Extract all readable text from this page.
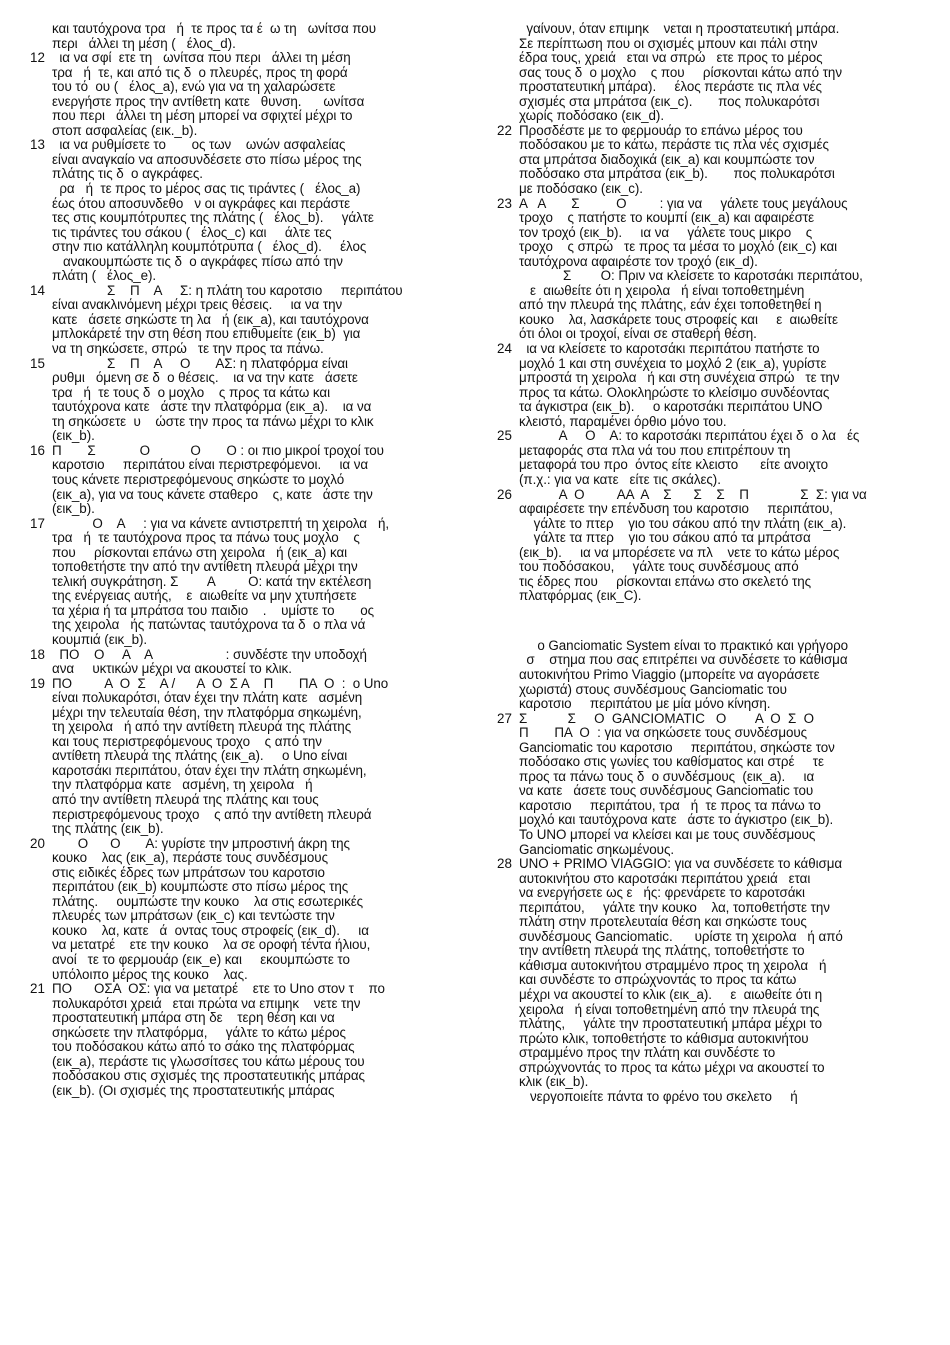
και ταυτόχρονα τρα   ή  τε προς τα έ  ω τη   ωνίτσα που

περι   άλλει τη μέση (   έλος_d).

12 ια να σφί  ετε τη   ωνίτσα που περι   άλλει τη μέση

τρα   ή  τε, και από τις δ  ο πλευρές, προς τη φορά

του τό  ου (   έλος_a), ενώ για να τη χαλαρώσετε

ενεργήστε προς την αντίθετη κατε   θυνση.      ωνίτσα

που περι   άλλει τη μέση μπορεί να σφιχτεί μέχρι το

στοπ ασφαλείας (εικ._b).

13 ια να ρυθμίσετε το       ος των    ωνών ασφαλείας

είναι αναγκαίο να αποσυνδέσετε στο πίσω μέρος της

πλάτης τις δ  ο αγκράφες.

ρα   ή  τε προς το μέρος σας τις τιράντες (   έλος_a)

έως ότου αποσυνδεθο   ν οι αγκράφες και περάστε

τες στις κουμπότρυπες της πλάτης (   έλος_b).     γάλτε

τις τιράντες του σάκου (   έλος_c) και     άλτε τες

στην πιο κατάλληλη κουμπότρυπα (   έλος_d).     έλος

ανακουμπώστε τις δ  ο αγκράφες πίσω από την

πλάτη (   έλος_e).

14 Σ    Π    Α     Σ: η πλάτη του καροτσιο     περιπάτου

είναι ανακλινόμενη μέχρι τρεις θέσεις.     ια να την

κατε   άσετε σηκώστε τη λα   ή (εικ_a), και ταυτόχρονα

μπλοκάρετέ την στη θέση που επιθυμείτε (εικ_b)  για

να τη σηκώσετε, σπρώ   τε την προς τα πάνω.

15 Σ    Π    Α     Ο       ΑΣ: η πλατφόρμα είναι

ρυθμι   όμενη σε δ  ο θέσεις.    ια να την κατε   άσετε

τρα   ή  τε τους δ  ο μοχλο    ς προς τα κάτω και

ταυτόχρονα κατε   άστε την πλατφόρμα (εικ_a).    ια να

τη σηκώσετε  υ    ώστε την προς τα πάνω μέχρι το κλικ

(εικ_b).

16 Π       Σ            Ο           Ο       Ο : οι πιο μικροί τροχοί του

καροτσιο     περιπάτου είναι περιστρεφόμενοι.     ια να

τους κάνετε περιστρεφόμενους σηκώστε το μοχλό

(εικ_a), για να τους κάνετε σταθερο    ς, κατε   άστε την

(εικ_b).

17 Ο    Α     : για να κάνετε αντιστρεπτή τη χειρολα   ή,

τρα   ή  τε ταυτόχρονα προς τα πάνω τους μοχλο    ς

που     ρίσκονται επάνω στη χειρολα   ή (εικ_a) και

τοποθετήστε την από την αντίθετη πλευρά μέχρι την

τελική συγκράτηση. Σ        Α         Ο: κατά την εκτέλεση

της ενέργειας αυτής,    ε  αιωθείτε να μην χτυπήσετε

τα χέρια ή τα μπράτσα του παιδιο    .    υμίστε το       ος

της χειρολα   ής πατώντας ταυτόχρονα τα δ  ο πλα νά

κουμπιά (εικ_b).

18 ΠΟ    Ο     Α    Α                    : συνδέστε την υποδοχή

ανα     υκτικών μέχρι να ακουστεί το κλικ.

19 ΠΟ         Α  Ο  Σ    Α /      Α  Ο  Σ Α    Π       ΠΑ  Ο  :  ο Uno

είναι πολυκαρότσι, όταν έχει την πλάτη κατε   ασμένη

μέχρι την τελευταία θέση, την πλατφόρμα σηκωμένη,

τη χειρολα   ή από την αντίθετη πλευρά της πλάτης

και τους περιστρεφόμενους τροχο    ς από την

αντίθετη πλευρά της πλάτης (εικ_a).     ο Uno είναι

καροτσάκι περιπάτου, όταν έχει την πλάτη σηκωμένη,

την πλατφόρμα κατε   ασμένη, τη χειρολα   ή

από την αντίθετη πλευρά της πλάτης και τους

περιστρεφόμενους τροχο    ς από την αντίθετη πλευρά

της πλάτης (εικ_b).

20 Ο      Ο       Α: γυρίστε την μπροστινή άκρη της

κουκο    λας (εικ_a), περάστε τους συνδέσμους

στις ειδικές έδρες των μπράτσων του καροτσιο

περιπάτου (εικ_b) κουμπώστε στο πίσω μέρος της

πλάτης.     ουμπώστε την κουκο    λα στις εσωτερικές

πλευρές των μπράτσων (εικ_c) και τεντώστε την

κουκο    λα, κατε   ά  οντας τους στροφείς (εικ_d).     ια

να μετατρέ    ετε την κουκο    λα σε οροφή τέντα ήλιου,

ανοί   τε το φερμουάρ (εικ_e) και     εκουμπώστε το

υπόλοιπο μέρος της κουκο    λας.

21 ΠΟ      ΟΣΑ  ΟΣ: για να μετατρέ    ετε το Uno στον τ    πο

πολυκαρότσι χρειά   εται πρώτα να επιμηκ    νετε την

προστατευτική μπάρα στη δε    τερη θέση και να

σηκώσετε την πλατφόρμα,     γάλτε το κάτω μέρος

του ποδόσακου κάτω από το σάκο της πλατφόρμας

(εικ_a), περάστε τις γλωσσίτσες του κάτω μέρους του

ποδόσακου στις σχισμές της προστατευτικής μπάρας

(εικ_b). (Οι σχισμές της προστατευτικής μπάρας

γαίνουν, όταν επιμηκ    νεται η προστατευτική μπάρα.

Σε περίπτωση που οι σχισμές μπουν και πάλι στην

έδρα τους, χρειά   εται να σπρώ   ετε προς το μέρος

σας τους δ  ο μοχλο    ς που     ρίσκονται κάτω από την

προστατευτική μπάρα).     έλος περάστε τις πλα νές

σχισμές στα μπράτσα (εικ_c).       πος πολυκαρότσι

χωρίς ποδόσακο (εικ_d).

22 Προσδέστε με το φερμουάρ το επάνω μέρος του

ποδόσακου με το κάτω, περάστε τις πλα νές σχισμές

στα μπράτσα διαδοχικά (εικ_a) και κουμπώστε τον

ποδόσακο στα μπράτσα (εικ_b).       πος πολυκαρότσι

με ποδόσακο (εικ_c).

23 Α   Α       Σ          Ο         : για να     γάλετε τους μεγάλους

τροχο    ς πατήστε το κουμπί (εικ_a) και αφαιρέστε

τον τροχό (εικ_b).     ια να     γάλετε τους μικρο    ς

τροχο    ς σπρώ   τε προς τα μέσα το μοχλό (εικ_c) και

ταυτόχρονα αφαιρέστε τον τροχό (εικ_d).

Σ        Ο: Πριν να κλείσετε το καροτσάκι περιπάτου,

ε  αιωθείτε ότι η χειρολα   ή είναι τοποθετημένη

από την πλευρά της πλάτης, εάν έχει τοποθετηθεί η

κουκο    λα, λασκάρετε τους στροφείς και     ε  αιωθείτε

ότι όλοι οι τροχοί, είναι σε σταθερή θέση.

24 ια να κλείσετε το καροτσάκι περιπάτου πατήστε το

μοχλό 1 και στη συνέχεια το μοχλό 2 (εικ_a), γυρίστε

μπροστά τη χειρολα   ή και στη συνέχεια σπρώ   τε την

προς τα κάτω. Ολοκληρώστε το κλείσιμο συνδέοντας

τα άγκιστρα (εικ_b).     ο καροτσάκι περιπάτου UNO

κλειστό, παραμένει όρθιο μόνο του.

25 Α     Ο    Α: το καροτσάκι περιπάτου έχει δ  ο λα   ές

μεταφοράς στα πλα νά του που επιτρέπουν τη

μεταφορά του προ  όντος είτε κλειστο      είτε ανοιχτο

(π.χ.: για να κατε   είτε τις σκάλες).

26 Α  Ο         ΑΑ  Α    Σ      Σ    Σ    Π              Σ  Σ: για να

αφαιρέσετε την επένδυση του καροτσιο     περιπάτου,

γάλτε το πτερ    γιο του σάκου από την πλάτη (εικ_a).

γάλτε τα πτερ    γιο του σάκου από τα μπράτσα

(εικ_b).     ια να μπορέσετε να πλ    νετε το κάτω μέρος

του ποδόσακου,     γάλτε τους συνδέσμους από

τις έδρες που     ρίσκονται επάνω στο σκελετό της

πλατφόρμας (εικ_C).

ο Ganciomatic System είναι το πρακτικό και γρήγορο

σ    στημα που σας επιτρέπει να συνδέσετε το κάθισμα

αυτοκινήτου Primo Viaggio (μπορείτε να αγοράσετε

χωριστά) στους συνδέσμους Ganciomatic του

καροτσιο     περιπάτου με μία μόνο κίνηση.

27 Σ           Σ     Ο  GANCIOMATIC   Ο        Α  Ο  Σ  Ο

Π       ΠΑ  Ο  : για να σηκώσετε τους συνδέσμους

Ganciomatic του καροτσιο     περιπάτου, σηκώστε τον

ποδόσακο στις γωνίες του καθίσματος και στρέ     τε

προς τα πάνω τους δ  ο συνδέσμους  (εικ_a).     ια

να κατε   άσετε τους συνδέσμους Ganciomatic του

καροτσιο     περιπάτου, τρα   ή  τε προς τα πάνω το

μοχλό και ταυτόχρονα κατε   άστε το άγκιστρο (εικ_b).

Το UNO μπορεί να κλείσει και με τους συνδέσμους

Ganciomatic σηκωμένους.

28 UNO + PRIMO VIAGGIO: για να συνδέσετε το κάθισμα

αυτοκινήτου στο καροτσάκι περιπάτου χρειά   εται

να ενεργήσετε ως ε   ής: φρενάρετε το καροτσάκι

περιπάτου,     γάλτε την κουκο    λα, τοποθετήστε την

πλάτη στην προτελευταία θέση και σηκώστε τους

συνδέσμους Ganciomatic.      υρίστε τη χειρολα   ή από

την αντίθετη πλευρά της πλάτης, τοποθετήστε το

κάθισμα αυτοκινήτου στραμμένο προς τη χειρολα   ή

και συνδέστε το σπρώχνοντάς το προς τα κάτω

μέχρι να ακουστεί το κλικ (εικ_a).     ε  αιωθείτε ότι η

χειρολα   ή είναι τοποθετημένη από την πλευρά της

πλάτης,     γάλτε την προστατευτική μπάρα μέχρι το

πρώτο κλικ, τοποθετήστε το κάθισμα αυτοκινήτου

στραμμένο προς την πλάτη και συνδέστε το

σπρώχνοντάς το προς τα κάτω μέχρι να ακουστεί το

κλικ (εικ_b).

νεργοποιείτε πάντα το φρένο του σκελετο     ή
